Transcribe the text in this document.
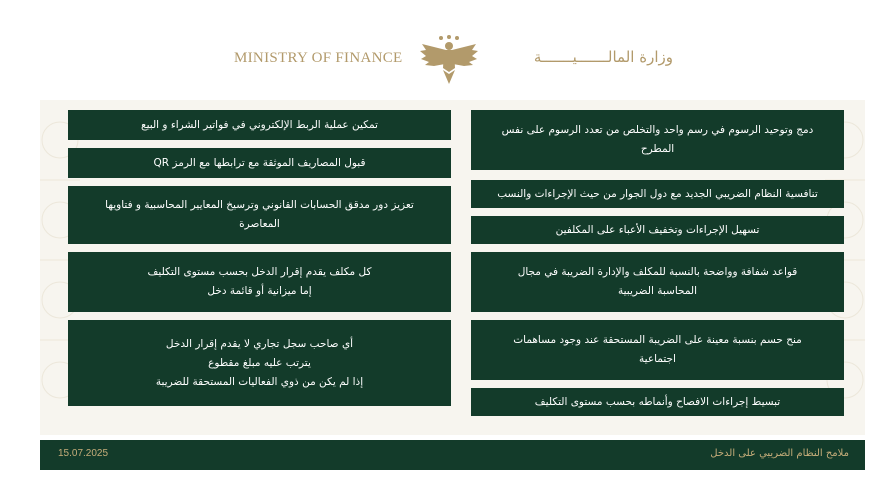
MINISTRY OF FINANCE	وزارة المالـــــــيـــــــة
دمج وتوحيد الرسوم في رسم واحد والتخلص من تعدد الرسوم على نفس
المطرح
تنافسية النظام الضريبي الجديد مع دول الجوار من حيث الإجراءات والنسب
تسهيل الإجراءات وتخفيف الأعباء على المكلفين
قواعد شفافة وواضحة بالنسبة للمكلف والإدارة الضريبة في مجال
المحاسبة الضريبية
منح حسم بنسبة معينة على الضريبة المستحقة عند وجود مساهمات
اجتماعية
تبسيط إجراءات الافصاح وأنماطه بحسب مستوى التكليف
تمكين عملية الربط الإلكتروني في فواتير الشراء و البيع
قبول المصاريف الموثقة مع ترابطها مع الرمز QR
تعزيز دور مدقق الحسابات القانوني وترسيخ المعايير المحاسبية و فتاويها
المعاصرة
كل مكلف يقدم إقرار الدخل بحسب مستوى التكليف
إما ميزانية أو قائمة دخل
أي صاحب سجل تجاري لا يقدم إقرار الدخل
يترتب عليه مبلغ مقطوع
إذا لم يكن من ذوي الفعاليات المستحقة للضريبة
15.07.2025	ملامح النظام الضريبي على الدخل
